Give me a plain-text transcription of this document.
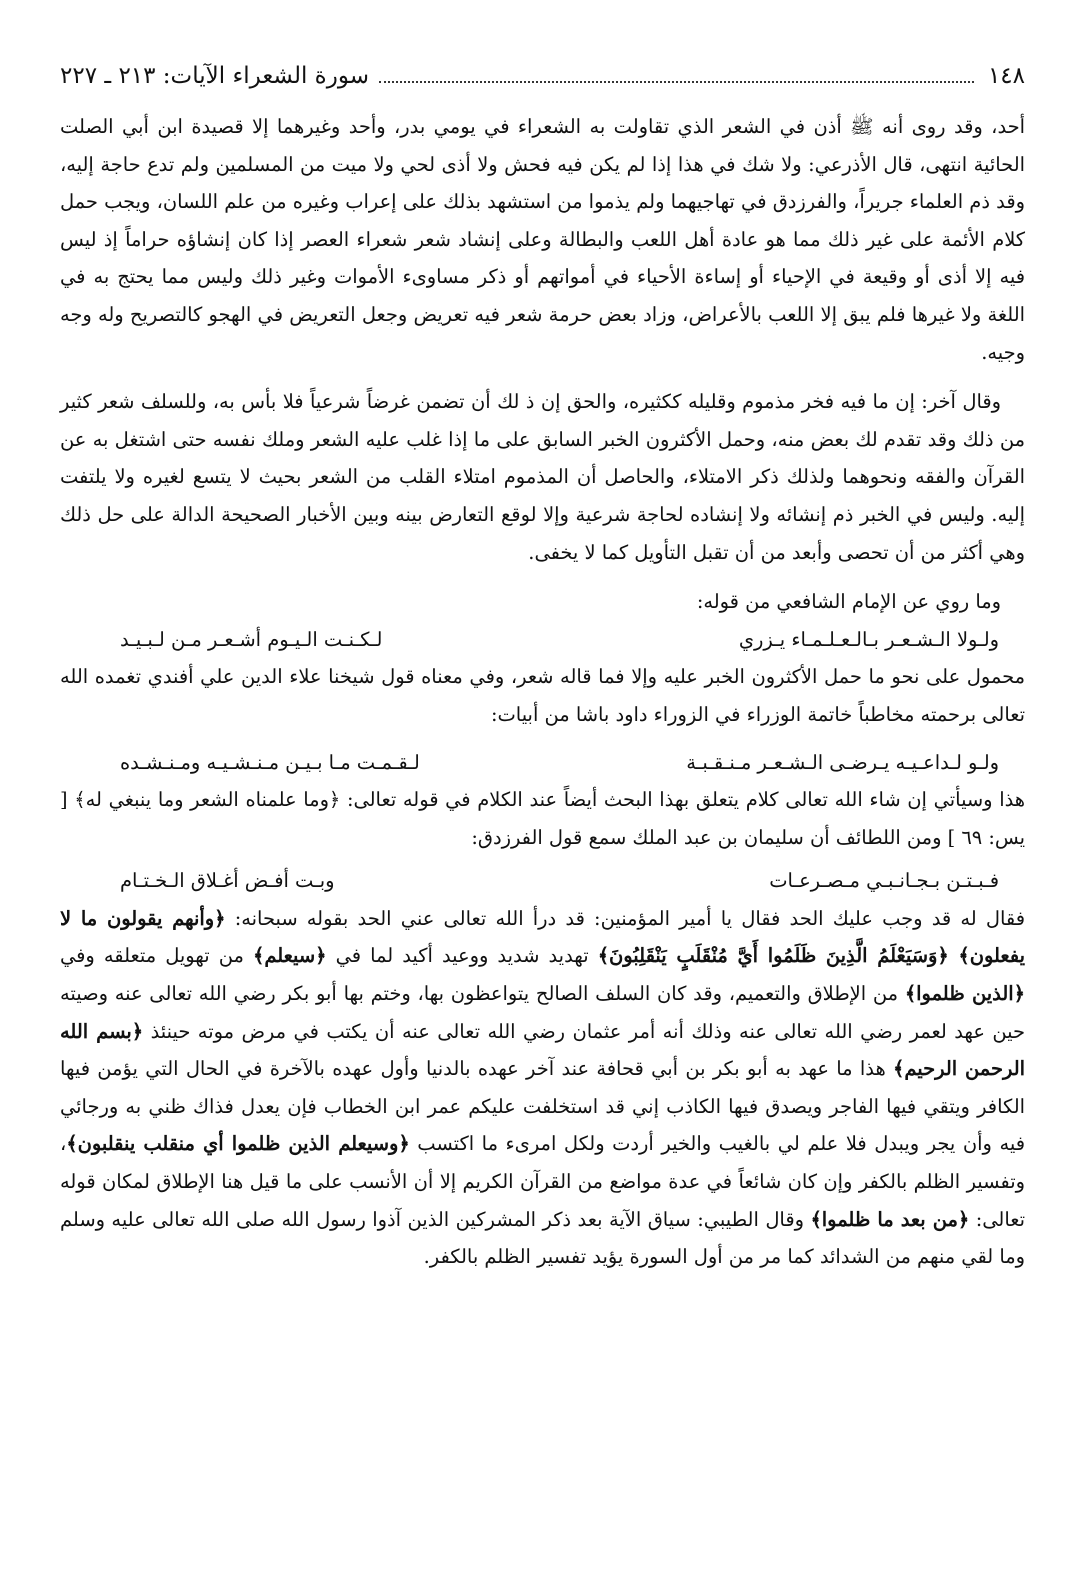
١٤٨
سورة الشعراء الآيات: ٢١٣ ـ ٢٢٧

أحد، وقد روى أنه ﷺ أذن في الشعر الذي تقاولت به الشعراء في يومي بدر، وأحد وغيرهما إلا قصيدة ابن أبي الصلت الحائية انتهى، قال الأذرعي: ولا شك في هذا إذا لم يكن فيه فحش ولا أذى لحي ولا ميت من المسلمين ولم تدع حاجة إليه، وقد ذم العلماء جريراً، والفرزدق في تهاجيهما ولم يذموا من استشهد بذلك على إعراب وغيره من علم اللسان، ويجب حمل كلام الأئمة على غير ذلك مما هو عادة أهل اللعب والبطالة وعلى إنشاد شعر شعراء العصر إذا كان إنشاؤه حراماً إذ ليس فيه إلا أذى أو وقيعة في الإحياء أو إساءة الأحياء في أمواتهم أو ذكر مساوىء الأموات وغير ذلك وليس مما يحتج به في اللغة ولا غيرها فلم يبق إلا اللعب بالأعراض، وزاد بعض حرمة شعر فيه تعريض وجعل التعريض في الهجو كالتصريح وله وجه وجيه.

وقال آخر: إن ما فيه فخر مذموم وقليله ككثيره، والحق إن ذ لك أن تضمن غرضاً شرعياً فلا بأس به، وللسلف شعر كثير من ذلك وقد تقدم لك بعض منه، وحمل الأكثرون الخبر السابق على ما إذا غلب عليه الشعر وملك نفسه حتى اشتغل به عن القرآن والفقه ونحوهما ولذلك ذكر الامتلاء، والحاصل أن المذموم امتلاء القلب من الشعر بحيث لا يتسع لغيره ولا يلتفت إليه. وليس في الخبر ذم إنشائه ولا إنشاده لحاجة شرعية وإلا لوقع التعارض بينه وبين الأخبار الصحيحة الدالة على حل ذلك وهي أكثر من أن تحصى وأبعد من أن تقبل التأويل كما لا يخفى.

وما روي عن الإمام الشافعي من قوله:

ولـولا الـشـعـر بـالـعـلـمـاء يـزري
لـكـنـت الـيـوم أشـعـر مـن لـبـيـد

محمول على نحو ما حمل الأكثرون الخبر عليه وإلا فما قاله شعر، وفي معناه قول شيخنا علاء الدين علي أفندي تغمده الله تعالى برحمته مخاطباً خاتمة الوزراء في الزوراء داود باشا من أبيات:

ولـو لـداعـيـه يـرضـى الـشـعـر مـنـقـبـة
لـقـمـت مـا بـيـن مـنـشـيـه ومـنـشـده

هذا وسيأتي إن شاء الله تعالى كلام يتعلق بهذا البحث أيضاً عند الكلام في قوله تعالى: ﴿وما علمناه الشعر وما ينبغي له﴾ [ يس: ٦٩ ] ومن اللطائف أن سليمان بن عبد الملك سمع قول الفرزدق:

فـبـتـن بـجـانـبـي مـصـرعـات
وبـت أفـض أغـلاق الـخـتـام

فقال له قد وجب عليك الحد فقال يا أمير المؤمنين: قد درأ الله تعالى عني الحد بقوله سبحانه: ﴿وأنهم يقولون ما لا يفعلون﴾ ﴿وَسَيَعْلَمُ الَّذِينَ ظَلَمُوا أَيَّ مُنْقَلَبٍ يَنْقَلِبُونَ﴾ تهديد شديد ووعيد أكيد لما في ﴿سيعلم﴾ من تهويل متعلقه وفي ﴿الذين ظلموا﴾ من الإطلاق والتعميم، وقد كان السلف الصالح يتواعظون بها، وختم بها أبو بكر رضي الله تعالى عنه وصيته حين عهد لعمر رضي الله تعالى عنه وذلك أنه أمر عثمان رضي الله تعالى عنه أن يكتب في مرض موته حينئذ ﴿بسم الله الرحمن الرحيم﴾ هذا ما عهد به أبو بكر بن أبي قحافة عند آخر عهده بالدنيا وأول عهده بالآخرة في الحال التي يؤمن فيها الكافر ويتقي فيها الفاجر ويصدق فيها الكاذب إني قد استخلفت عليكم عمر ابن الخطاب فإن يعدل فذاك ظني به ورجائي فيه وأن يجر ويبدل فلا علم لي بالغيب والخير أردت ولكل امرىء ما اكتسب ﴿وسيعلم الذين ظلموا أي منقلب ينقلبون﴾، وتفسير الظلم بالكفر وإن كان شائعاً في عدة مواضع من القرآن الكريم إلا أن الأنسب على ما قيل هنا الإطلاق لمكان قوله تعالى: ﴿من بعد ما ظلموا﴾ وقال الطيبي: سياق الآية بعد ذكر المشركين الذين آذوا رسول الله صلى الله تعالى عليه وسلم وما لقي منهم من الشدائد كما مر من أول السورة يؤيد تفسير الظلم بالكفر.
